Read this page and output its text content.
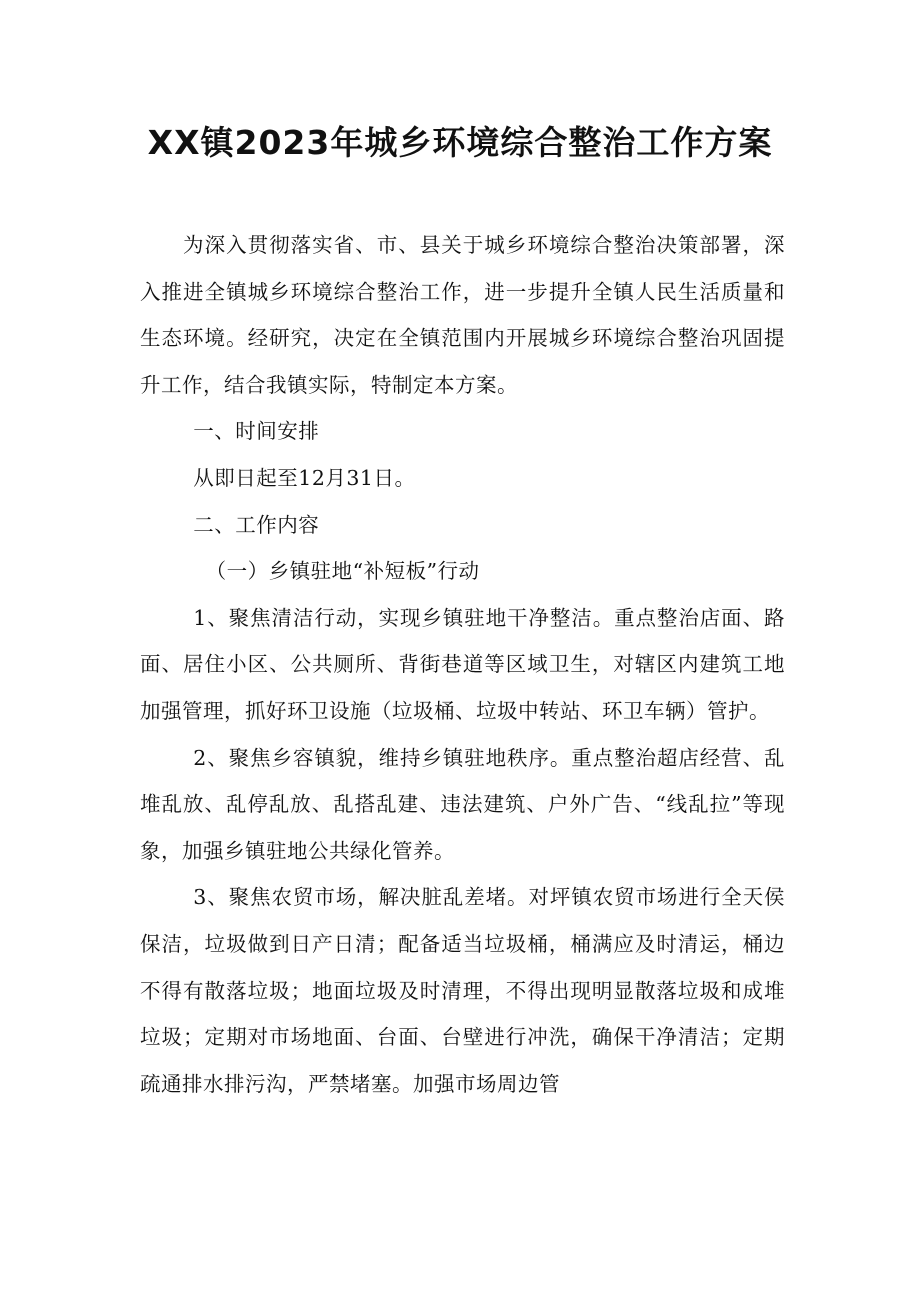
XX镇2023年城乡环境综合整治工作方案

为深入贯彻落实省、市、县关于城乡环境综合整治决策部署，深入推进全镇城乡环境综合整治工作，进一步提升全镇人民生活质量和生态环境。经研究，决定在全镇范围内开展城乡环境综合整治巩固提升工作，结合我镇实际，特制定本方案。

一、时间安排

从即日起至12月31日。

二、工作内容

（一）乡镇驻地“补短板”行动

1、聚焦清洁行动，实现乡镇驻地干净整洁。重点整治店面、路面、居住小区、公共厕所、背街巷道等区域卫生，对辖区内建筑工地加强管理，抓好环卫设施（垃圾桶、垃圾中转站、环卫车辆）管护。

2、聚焦乡容镇貌，维持乡镇驻地秩序。重点整治超店经营、乱堆乱放、乱停乱放、乱搭乱建、违法建筑、户外广告、“线乱拉”等现象，加强乡镇驻地公共绿化管养。

3、聚焦农贸市场，解决脏乱差堵。对坪镇农贸市场进行全天侯保洁，垃圾做到日产日清；配备适当垃圾桶，桶满应及时清运，桶边不得有散落垃圾；地面垃圾及时清理，不得出现明显散落垃圾和成堆垃圾；定期对市场地面、台面、台壁进行冲洗，确保干净清洁；定期疏通排水排污沟，严禁堵塞。加强市场周边管
